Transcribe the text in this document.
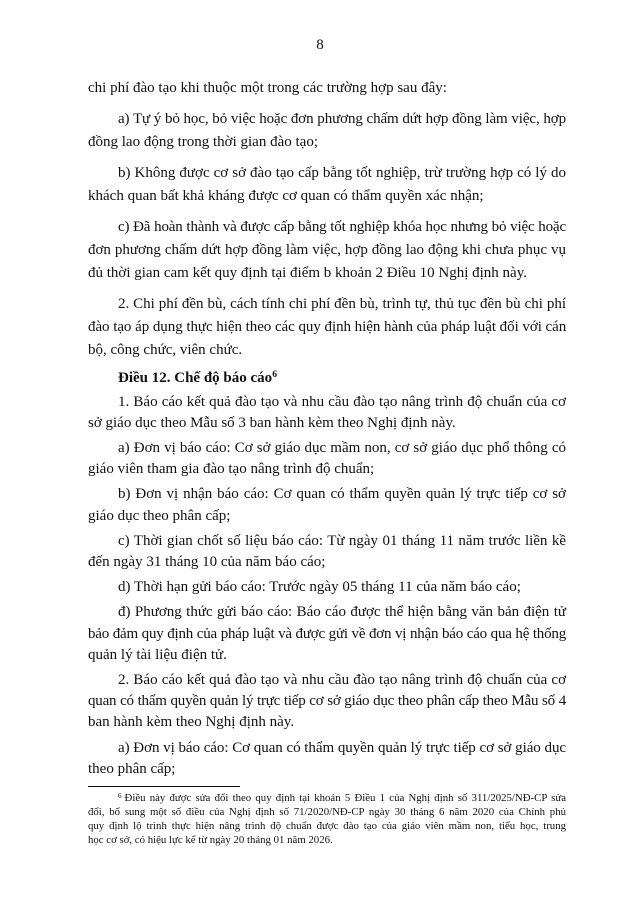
8
chi phí đào tạo khi thuộc một trong các trường hợp sau đây:
a) Tự ý bỏ học, bỏ việc hoặc đơn phương chấm dứt hợp đồng làm việc, hợp
đồng lao động trong thời gian đào tạo;
b) Không được cơ sở đào tạo cấp bằng tốt nghiệp, trừ trường hợp có lý do
khách quan bất khả kháng được cơ quan có thẩm quyền xác nhận;
c) Đã hoàn thành và được cấp bằng tốt nghiệp khóa học nhưng bỏ việc hoặc
đơn phương chấm dứt hợp đồng làm việc, hợp đồng lao động khi chưa phục vụ
đủ thời gian cam kết quy định tại điểm b khoản 2 Điều 10 Nghị định này.
2. Chi phí đền bù, cách tính chi phí đền bù, trình tự, thủ tục đền bù chi phí
đào tạo áp dụng thực hiện theo các quy định hiện hành của pháp luật đối với cán
bộ, công chức, viên chức.
Điều 12. Chế độ báo cáo$^6$
1. Báo cáo kết quả đào tạo và nhu cầu đào tạo nâng trình độ chuẩn của cơ
sở giáo dục theo Mẫu số 3 ban hành kèm theo Nghị định này.
a) Đơn vị báo cáo: Cơ sở giáo dục mầm non, cơ sở giáo dục phổ thông có
giáo viên tham gia đào tạo nâng trình độ chuẩn;
b) Đơn vị nhận báo cáo: Cơ quan có thẩm quyền quản lý trực tiếp cơ sở
giáo dục theo phân cấp;
c) Thời gian chốt số liệu báo cáo: Từ ngày 01 tháng 11 năm trước liền kề
đến ngày 31 tháng 10 của năm báo cáo;
d) Thời hạn gửi báo cáo: Trước ngày 05 tháng 11 của năm báo cáo;
đ) Phương thức gửi báo cáo: Báo cáo được thể hiện bằng văn bản điện tử
bảo đảm quy định của pháp luật và được gửi về đơn vị nhận báo cáo qua hệ thống
quản lý tài liệu điện tử.
2. Báo cáo kết quả đào tạo và nhu cầu đào tạo nâng trình độ chuẩn của cơ
quan có thẩm quyền quản lý trực tiếp cơ sở giáo dục theo phân cấp theo Mẫu số 4
ban hành kèm theo Nghị định này.
a) Đơn vị báo cáo: Cơ quan có thẩm quyền quản lý trực tiếp cơ sở giáo dục
theo phân cấp;
$^6$ Điều này được sửa đổi theo quy định tại khoản 5 Điều 1 của Nghị định số 311/2025/NĐ-CP sửa
đổi, bổ sung một số điều của Nghị định số 71/2020/NĐ-CP ngày 30 tháng 6 năm 2020 của Chính phủ
quy định lộ trình thực hiện nâng trình độ chuẩn được đào tạo của giáo viên mầm non, tiểu học, trung
học cơ sở, có hiệu lực kể từ ngày 20 tháng 01 năm 2026.
